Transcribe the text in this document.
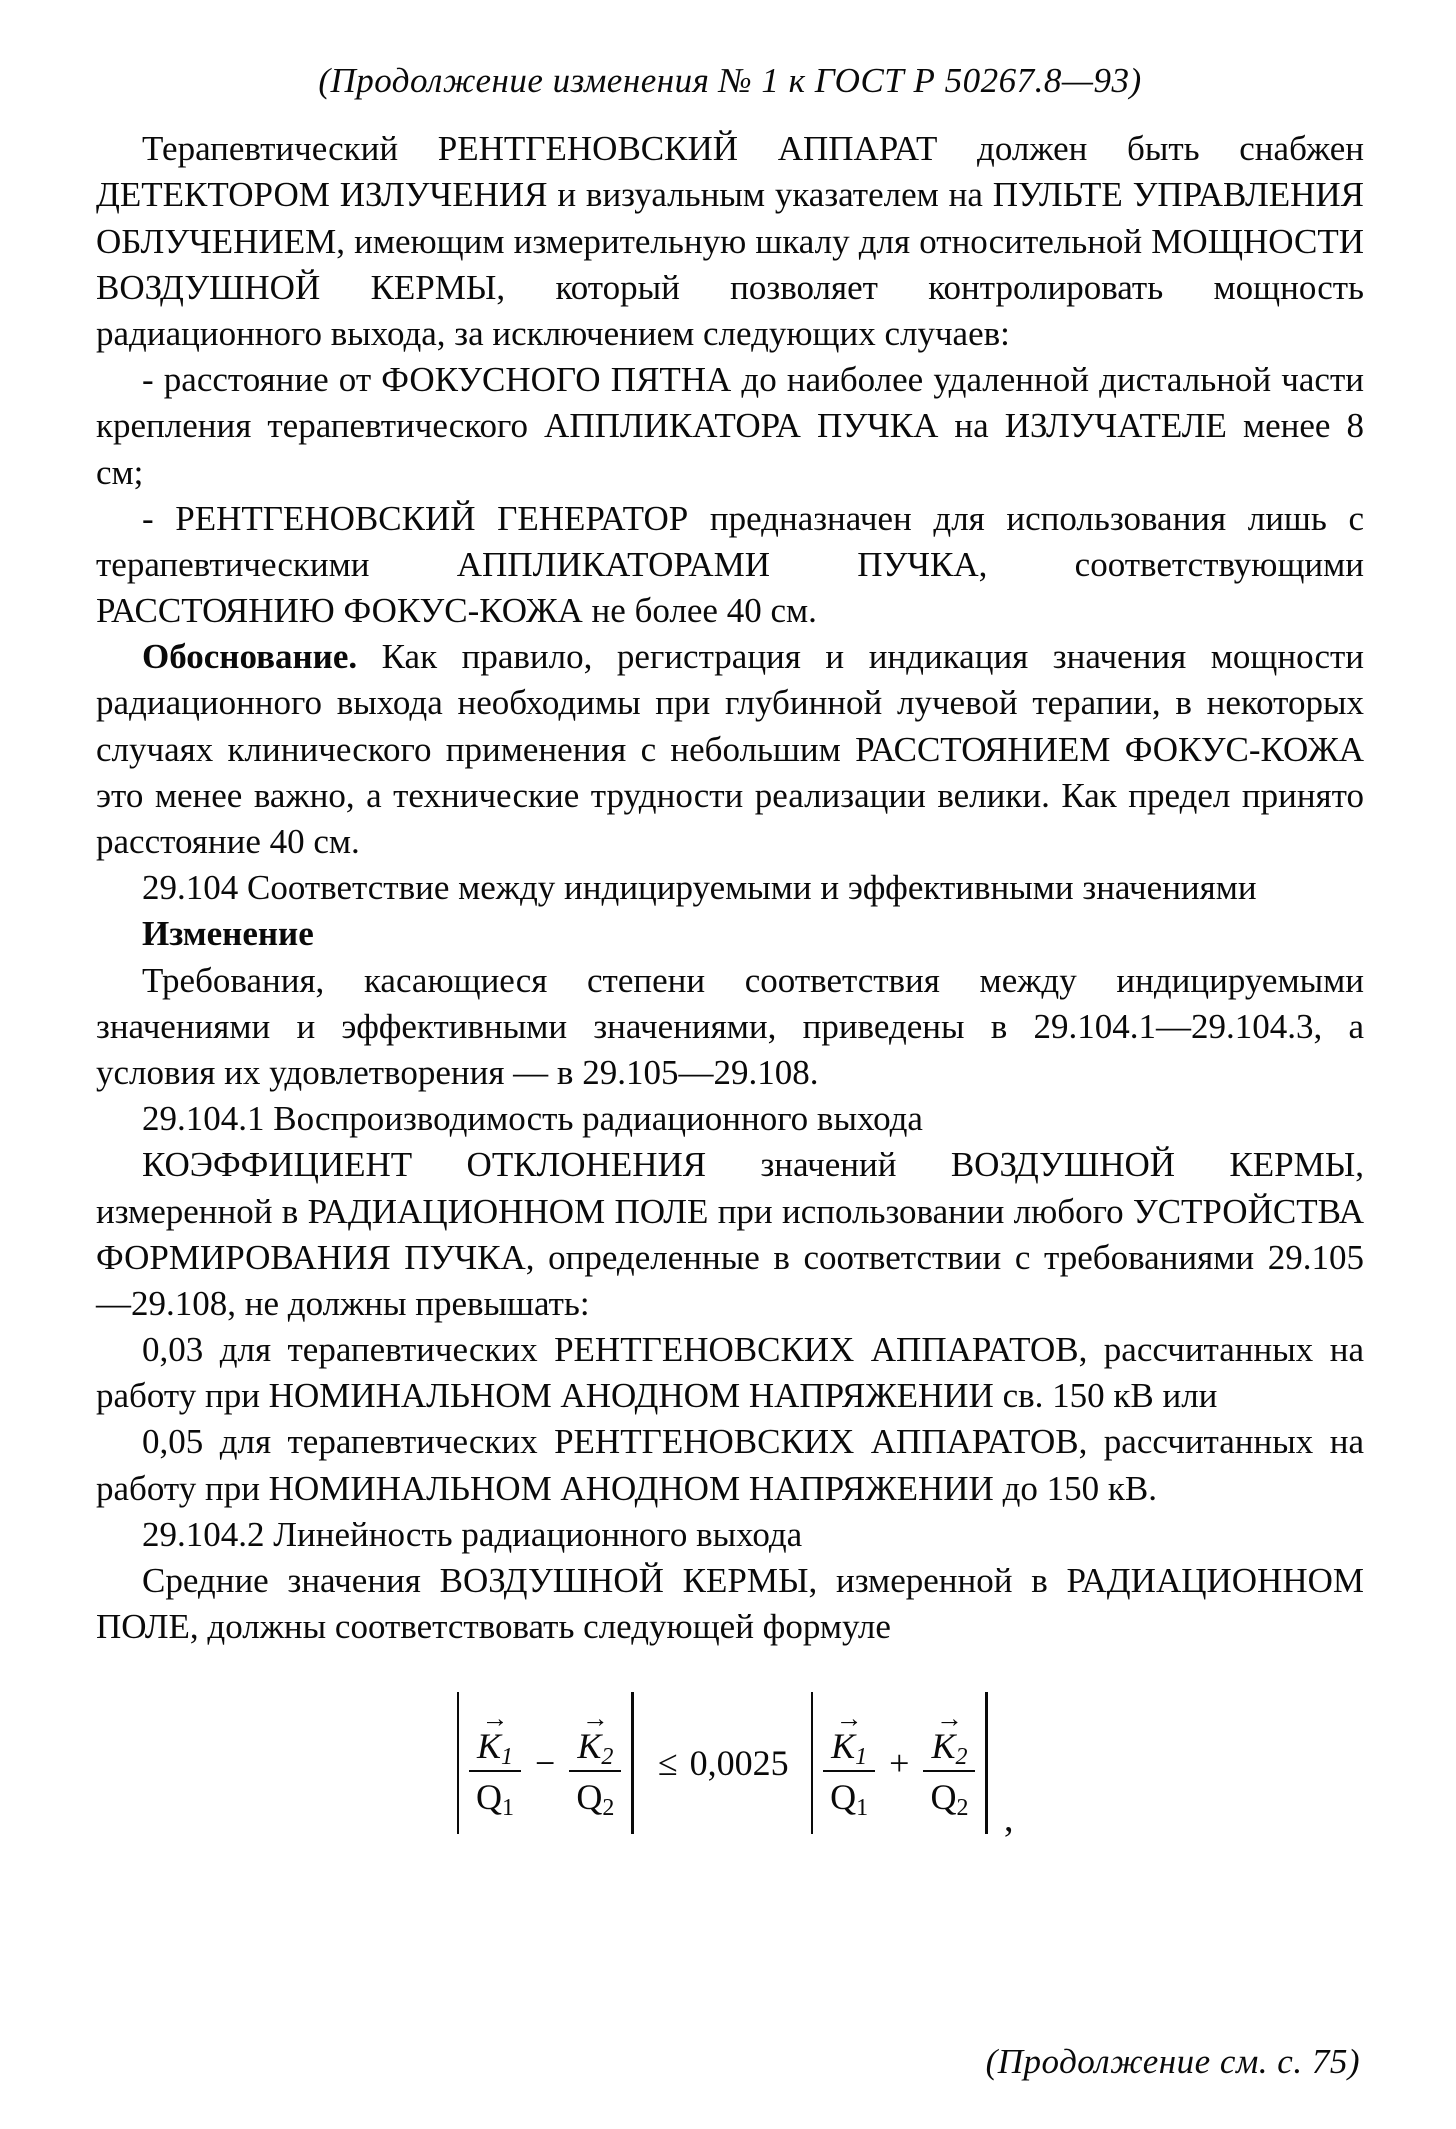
(Продолжение изменения № 1 к ГОСТ Р 50267.8—93)

Терапевтический РЕНТГЕНОВСКИЙ АППАРАТ должен быть снабжен ДЕТЕКТОРОМ ИЗЛУЧЕНИЯ и визуальным указателем на ПУЛЬТЕ УПРАВЛЕНИЯ ОБЛУЧЕНИЕМ, имеющим измерительную шкалу для относительной МОЩНОСТИ ВОЗДУШНОЙ КЕРМЫ, который позволяет контролировать мощность радиационного выхода, за исключением следующих случаев:

- расстояние от ФОКУСНОГО ПЯТНА до наиболее удаленной дистальной части крепления терапевтического АППЛИКАТОРА ПУЧКА на ИЗЛУЧАТЕЛЕ менее 8 см;

- РЕНТГЕНОВСКИЙ ГЕНЕРАТОР предназначен для использования лишь с терапевтическими АППЛИКАТОРАМИ ПУЧКА, соответствующими РАССТОЯНИЮ ФОКУС-КОЖА не более 40 см.

Обоснование. Как правило, регистрация и индикация значения мощности радиационного выхода необходимы при глубинной лучевой терапии, в некоторых случаях клинического применения с небольшим РАССТОЯНИЕМ ФОКУС-КОЖА это менее важно, а технические трудности реализации велики. Как предел принято расстояние 40 см.

29.104 Соответствие между индицируемыми и эффективными значениями

Изменение

Требования, касающиеся степени соответствия между индицируемыми значениями и эффективными значениями, приведены в 29.104.1—29.104.3, а условия их удовлетворения — в 29.105—29.108.

29.104.1 Воспроизводимость радиационного выхода

КОЭФФИЦИЕНТ ОТКЛОНЕНИЯ значений ВОЗДУШНОЙ КЕРМЫ, измеренной в РАДИАЦИОННОМ ПОЛЕ при использовании любого УСТРОЙСТВА ФОРМИРОВАНИЯ ПУЧКА, определенные в соответствии с требованиями 29.105—29.108, не должны превышать:

0,03 для терапевтических РЕНТГЕНОВСКИХ АППАРАТОВ, рассчитанных на работу при НОМИНАЛЬНОМ АНОДНОМ НАПРЯЖЕНИИ св. 150 кВ или

0,05 для терапевтических РЕНТГЕНОВСКИХ АППАРАТОВ, рассчитанных на работу при НОМИНАЛЬНОМ АНОДНОМ НАПРЯЖЕНИИ до 150 кВ.

29.104.2 Линейность радиационного выхода

Средние значения ВОЗДУШНОЙ КЕРМЫ, измеренной в РАДИАЦИОННОМ ПОЛЕ, должны соответствовать следующей формуле

→
$K_1$
$Q_1$ − →
$K_2$
$Q_2 \le 0,0025$ →
$K_1$
$Q_1$ + →
$K_2$
$Q_2$
,
(Продолжение см. с. 75)
